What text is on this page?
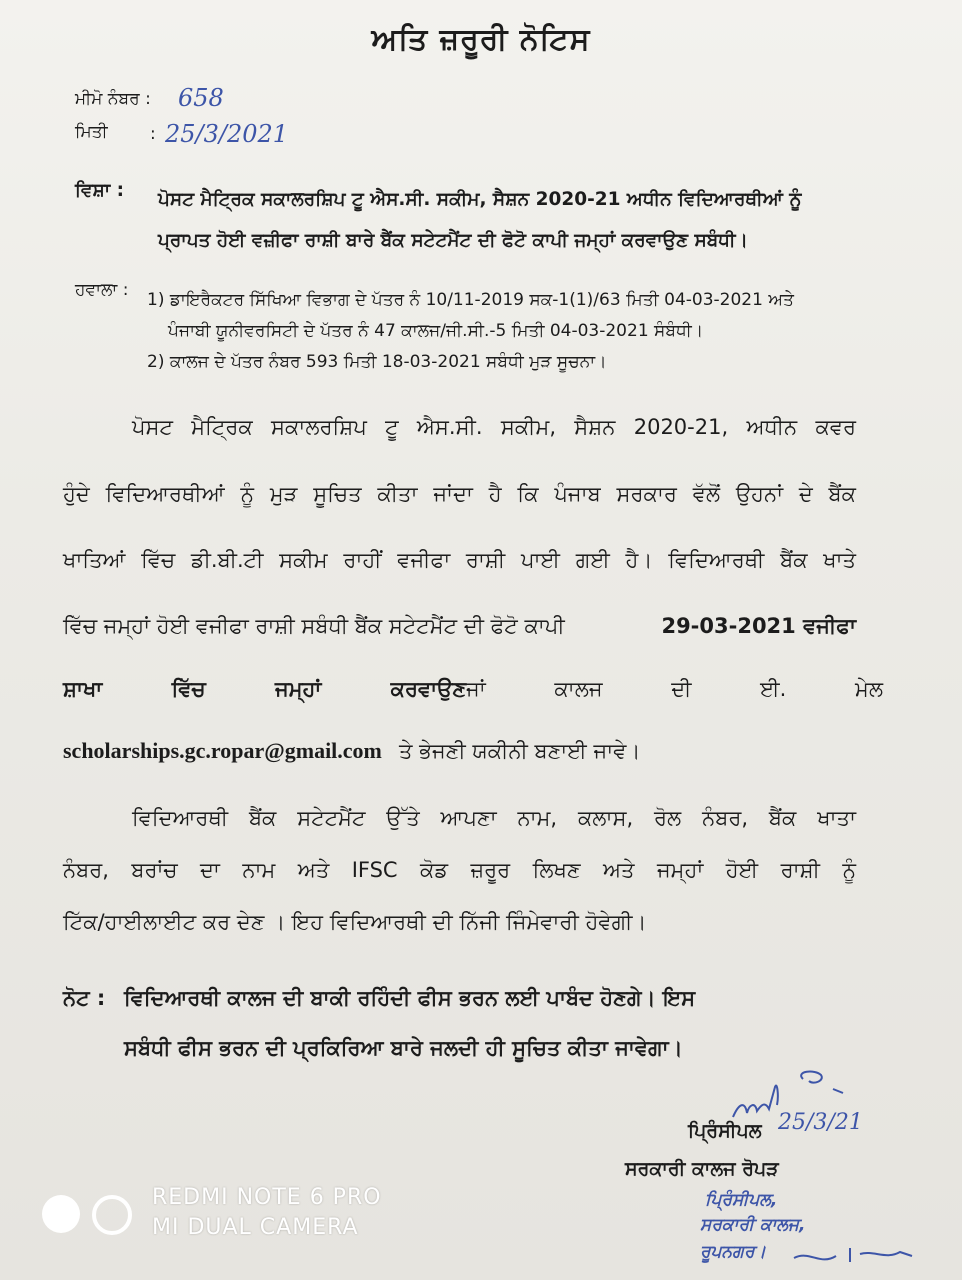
ਅਤਿ ਜ਼ਰੂਰੀ ਨੋਟਿਸ
ਮੀਮੋ ਨੰਬਰ : 658
ਮਿਤੀ : 25/3/2021
ਵਿਸ਼ਾ : ਪੋਸਟ ਮੈਟ੍ਰਿਕ ਸਕਾਲਰਸ਼ਿਪ ਟੂ ਐਸ.ਸੀ. ਸਕੀਮ, ਸੈਸ਼ਨ 2020-21 ਅਧੀਨ ਵਿਦਿਆਰਥੀਆਂ ਨੂੰ
ਪ੍ਰਾਪਤ ਹੋਈ ਵਜ਼ੀਫਾ ਰਾਸ਼ੀ ਬਾਰੇ ਬੈਂਕ ਸਟੇਟਮੈਂਟ ਦੀ ਫੋਟੋ ਕਾਪੀ ਜਮ੍ਹਾਂ ਕਰਵਾਉਣ ਸਬੰਧੀ।
ਹਵਾਲਾ : 1) ਡਾਇਰੈਕਟਰ ਸਿੱਖਿਆ ਵਿਭਾਗ ਦੇ ਪੱਤਰ ਨੰ 10/11-2019 ਸਕ-1(1)/63 ਮਿਤੀ 04-03-2021 ਅਤੇ
ਪੰਜਾਬੀ ਯੂਨੀਵਰਸਿਟੀ ਦੇ ਪੱਤਰ ਨੰ 47 ਕਾਲਜ/ਜੀ.ਸੀ.-5 ਮਿਤੀ 04-03-2021 ਸੰਬੰਧੀ।
2) ਕਾਲਜ ਦੇ ਪੱਤਰ ਨੰਬਰ 593 ਮਿਤੀ 18-03-2021 ਸਬੰਧੀ ਮੁੜ ਸੂਚਨਾ।
ਪੋਸਟ ਮੈਟ੍ਰਿਕ ਸਕਾਲਰਸ਼ਿਪ ਟੂ ਐਸ.ਸੀ. ਸਕੀਮ, ਸੈਸ਼ਨ 2020-21, ਅਧੀਨ ਕਵਰ
ਹੁੰਦੇ ਵਿਦਿਆਰਥੀਆਂ ਨੂੰ ਮੁੜ ਸੂਚਿਤ ਕੀਤਾ ਜਾਂਦਾ ਹੈ ਕਿ ਪੰਜਾਬ ਸਰਕਾਰ ਵੱਲੋਂ ਉਹਨਾਂ ਦੇ ਬੈਂਕ
ਖਾਤਿਆਂ ਵਿੱਚ ਡੀ.ਬੀ.ਟੀ ਸਕੀਮ ਰਾਹੀਂ ਵਜੀਫਾ ਰਾਸ਼ੀ ਪਾਈ ਗਈ ਹੈ। ਵਿਦਿਆਰਥੀ ਬੈਂਕ ਖਾਤੇ
ਵਿੱਚ ਜਮ੍ਹਾਂ ਹੋਈ ਵਜੀਫਾ ਰਾਸ਼ੀ ਸਬੰਧੀ ਬੈਂਕ ਸਟੇਟਮੈਂਟ ਦੀ ਫੋਟੋ ਕਾਪੀ	29-03-2021 ਵਜੀਫਾ
ਸ਼ਾਖਾ ਵਿੱਚ ਜਮ੍ਹਾਂ ਕਰਵਾਉਣ ਜਾਂ ਕਾਲਜ ਦੀ ਈ. ਮੇਲ
scholarships.gc.ropar@gmail.com ਤੇ ਭੇਜਣੀ ਯਕੀਨੀ ਬਣਾਈ ਜਾਵੇ।
ਵਿਦਿਆਰਥੀ ਬੈਂਕ ਸਟੇਟਮੈਂਟ ਉੱਤੇ ਆਪਣਾ ਨਾਮ, ਕਲਾਸ, ਰੋਲ ਨੰਬਰ, ਬੈਂਕ ਖਾਤਾ
ਨੰਬਰ, ਬਰਾਂਚ ਦਾ ਨਾਮ ਅਤੇ IFSC ਕੋਡ ਜ਼ਰੂਰ ਲਿਖਣ ਅਤੇ ਜਮ੍ਹਾਂ ਹੋਈ ਰਾਸ਼ੀ ਨੂੰ
ਟਿੱਕ/ਹਾਈਲਾਈਟ ਕਰ ਦੇਣ । ਇਹ ਵਿਦਿਆਰਥੀ ਦੀ ਨਿੱਜੀ ਜਿੰਮੇਵਾਰੀ ਹੋਵੇਗੀ।
ਨੋਟ : ਵਿਦਿਆਰਥੀ ਕਾਲਜ ਦੀ ਬਾਕੀ ਰਹਿੰਦੀ ਫੀਸ ਭਰਨ ਲਈ ਪਾਬੰਦ ਹੋਣਗੇ। ਇਸ
ਸਬੰਧੀ ਫੀਸ ਭਰਨ ਦੀ ਪ੍ਰਕਿਰਿਆ ਬਾਰੇ ਜਲਦੀ ਹੀ ਸੂਚਿਤ ਕੀਤਾ ਜਾਵੇਗਾ।
25/3/21
ਪ੍ਰਿੰਸੀਪਲ
ਸਰਕਾਰੀ ਕਾਲਜ ਰੋਪੜ
ਪ੍ਰਿੰਸੀਪਲ,
ਸਰਕਾਰੀ ਕਾਲਜ,
ਰੂਪਨਗਰ।
REDMI NOTE 6 PRO
MI DUAL CAMERA
